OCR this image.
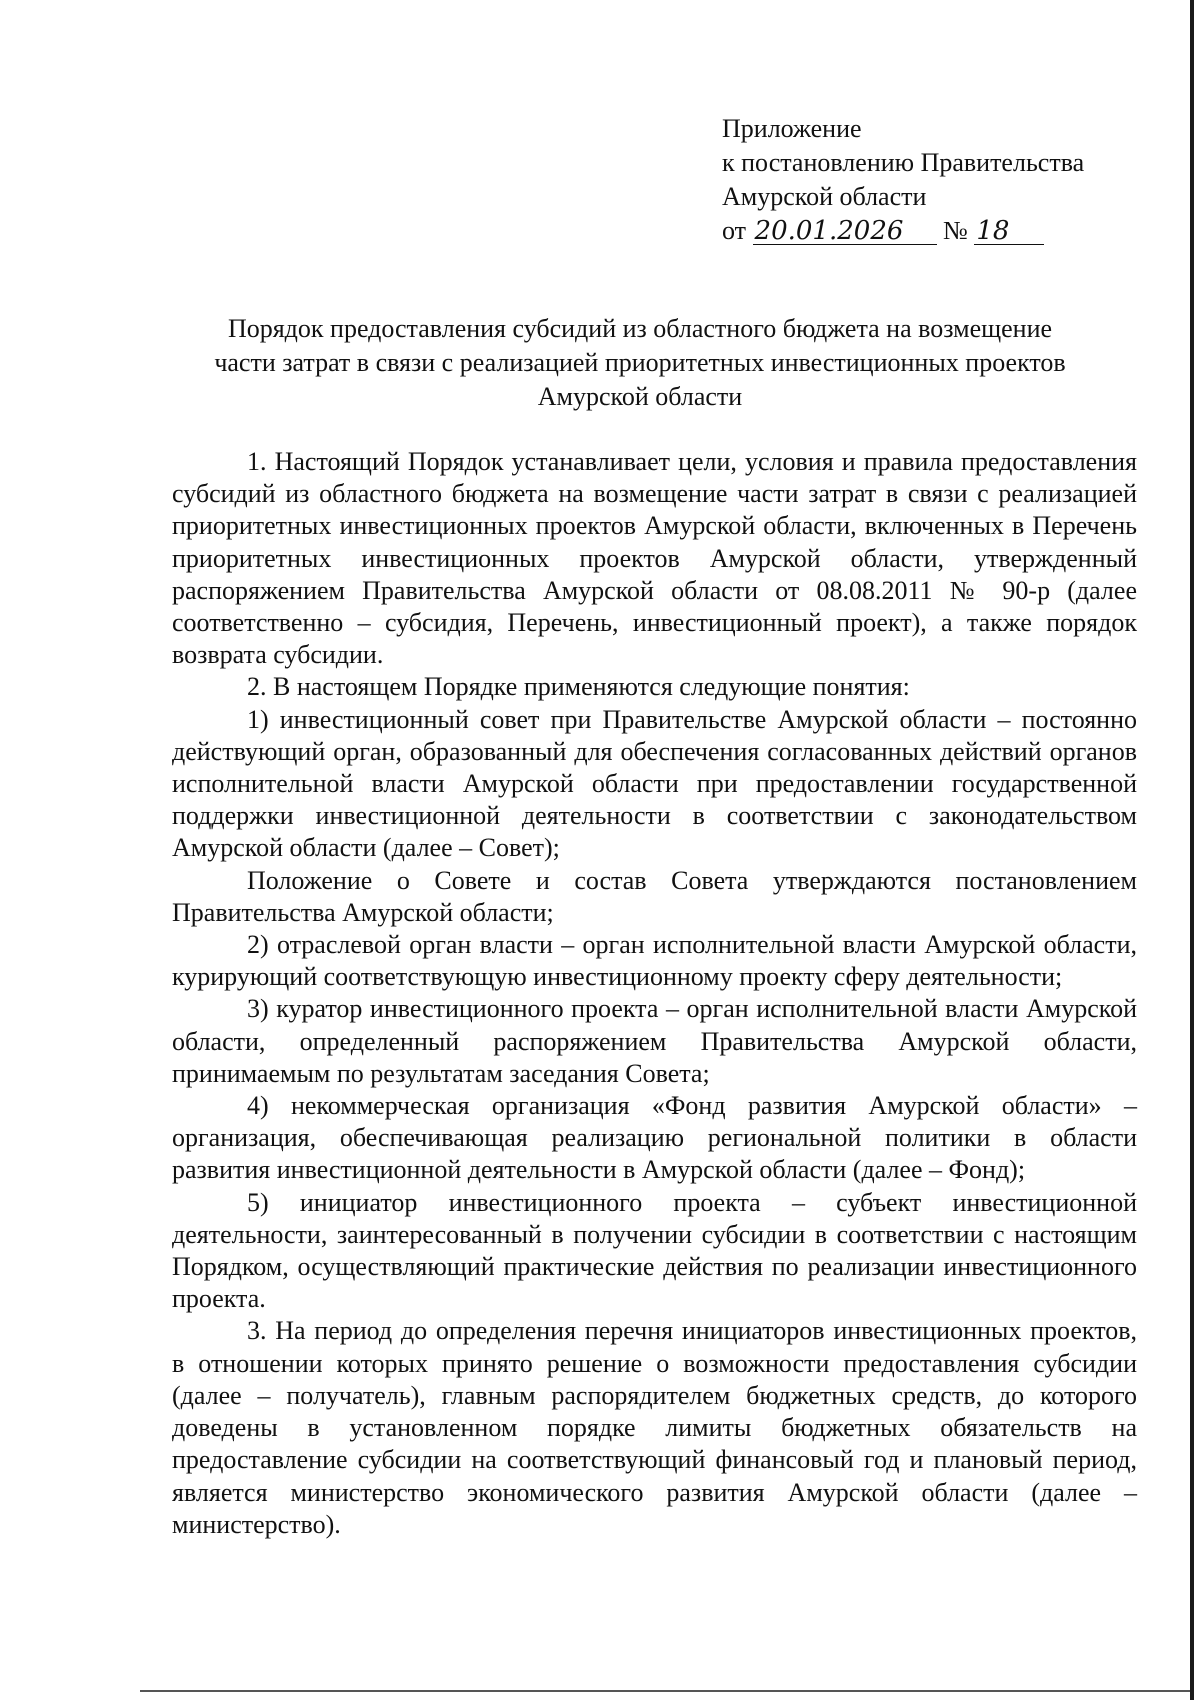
Приложение
к постановлению Правительства
Амурской области
от 20.01.2026 № 18
Порядок предоставления субсидий из областного бюджета на возмещение
части затрат в связи с реализацией приоритетных инвестиционных проектов
Амурской области

1. Настоящий Порядок устанавливает цели, условия и правила предоставления субсидий из областного бюджета на возмещение части затрат в связи с реализацией приоритетных инвестиционных проектов Амурской области, включенных в Перечень приоритетных инвестиционных проектов Амурской области, утвержденный распоряжением Правительства Амурской области от 08.08.2011 № 90-р (далее соответственно – субсидия, Перечень, инвестиционный проект), а также порядок возврата субсидии.

2. В настоящем Порядке применяются следующие понятия:

1) инвестиционный совет при Правительстве Амурской области – постоянно действующий орган, образованный для обеспечения согласованных действий органов исполнительной власти Амурской области при предоставлении государственной поддержки инвестиционной деятельности в соответствии с законодательством Амурской области (далее – Совет);

Положение о Совете и состав Совета утверждаются постановлением Правительства Амурской области;

2) отраслевой орган власти – орган исполнительной власти Амурской области, курирующий соответствующую инвестиционному проекту сферу деятельности;

3) куратор инвестиционного проекта – орган исполнительной власти Амурской области, определенный распоряжением Правительства Амурской области, принимаемым по результатам заседания Совета;

4) некоммерческая организация «Фонд развития Амурской области» – организация, обеспечивающая реализацию региональной политики в области развития инвестиционной деятельности в Амурской области (далее – Фонд);

5) инициатор инвестиционного проекта – субъект инвестиционной деятельности, заинтересованный в получении субсидии в соответствии с настоящим Порядком, осуществляющий практические действия по реализации инвестиционного проекта.

3. На период до определения перечня инициаторов инвестиционных проектов, в отношении которых принято решение о возможности предоставления субсидии (далее – получатель), главным распорядителем бюджетных средств, до которого доведены в установленном порядке лимиты бюджетных обязательств на предоставление субсидии на соответствующий финансовый год и плановый период, является министерство экономического развития Амурской области (далее – министерство).
